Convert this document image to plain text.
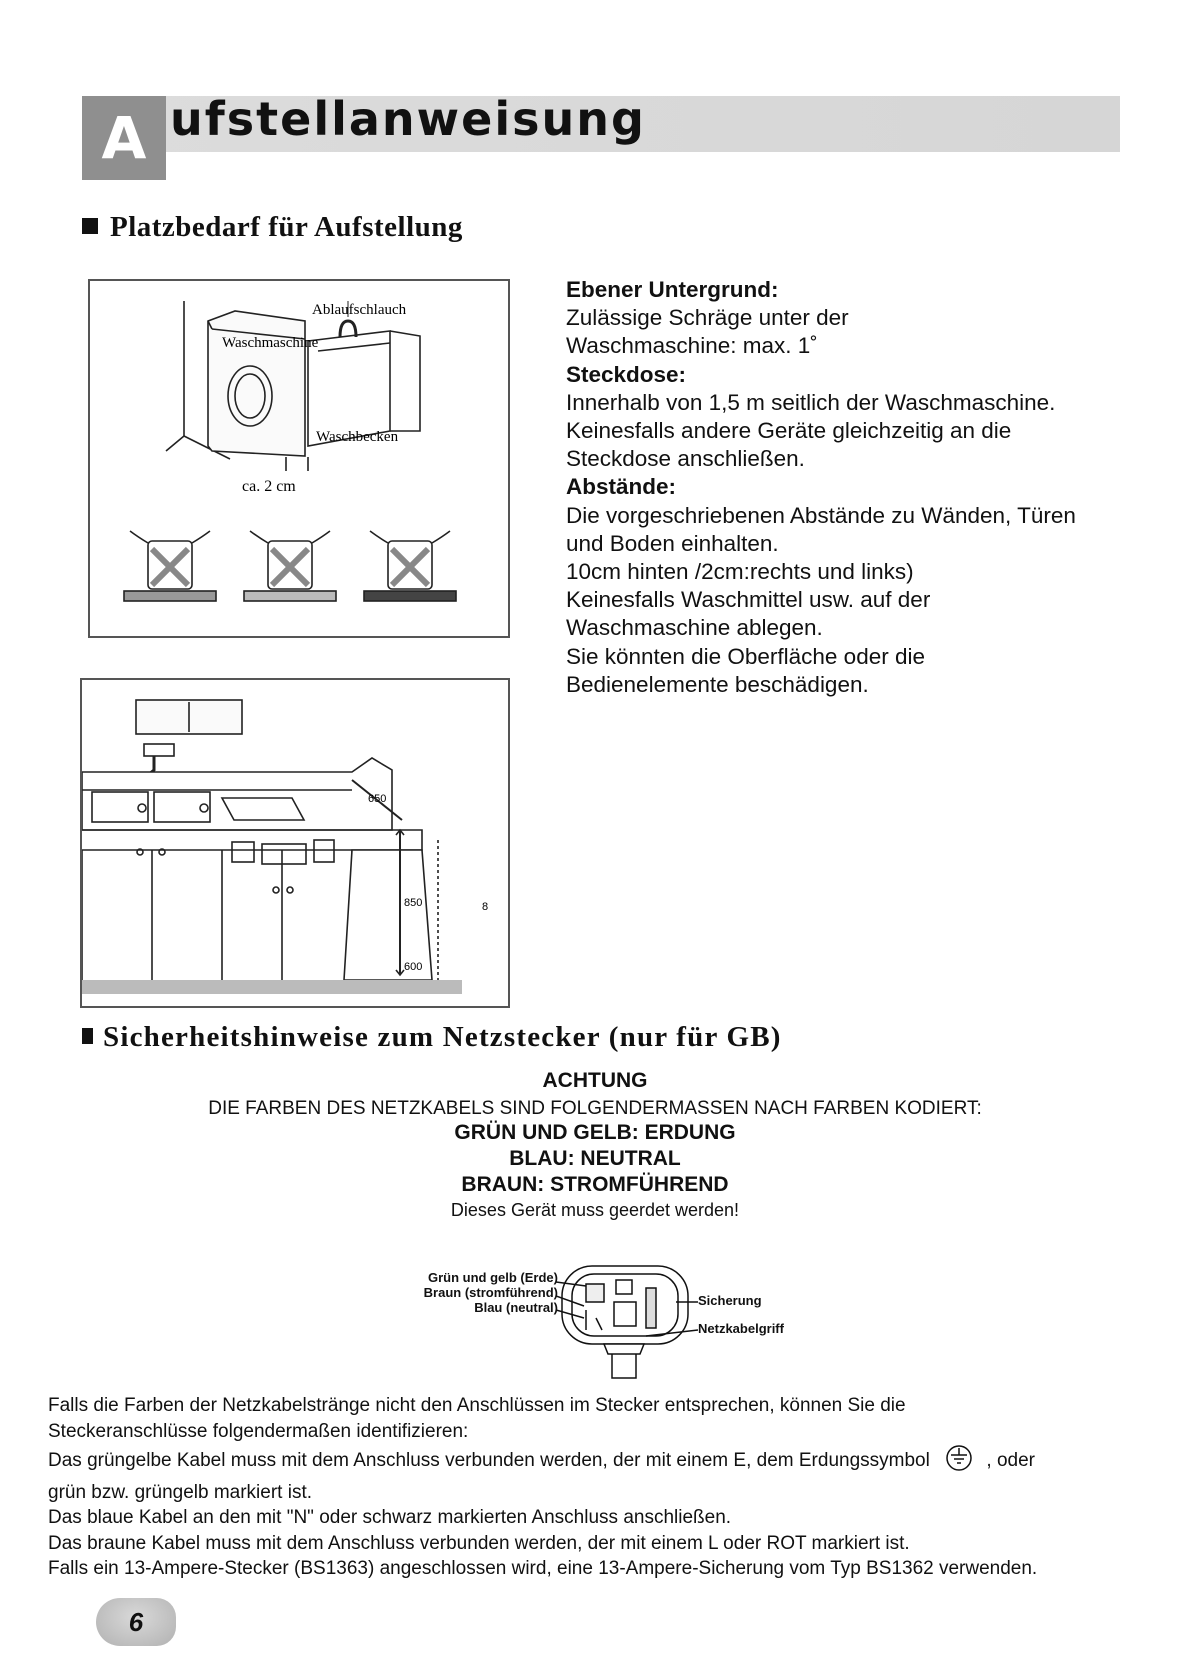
A ufstellanweisung
Platzbedarf für Aufstellung
Ablaufschlauch
Waschmaschine
Waschbecken
ca. 2 cm
650
850
600
8
Ebener Untergrund:
Zulässige Schräge unter der
Waschmaschine: max. 1˚
Steckdose:
Innerhalb von 1,5 m seitlich der Waschmaschine.
Keinesfalls andere Geräte gleichzeitig an die
Steckdose anschließen.
Abstände:
Die vorgeschriebenen Abstände zu Wänden, Türen
und Boden einhalten.
10cm hinten /2cm:rechts und links)
Keinesfalls Waschmittel usw. auf der
Waschmaschine ablegen.
Sie könnten die Oberfläche oder die
Bedienelemente beschädigen.
Sicherheitshinweise zum Netzstecker (nur für GB)
ACHTUNG
DIE FARBEN DES NETZKABELS SIND FOLGENDERMASSEN NACH FARBEN KODIERT:
GRÜN UND GELB: ERDUNG
BLAU: NEUTRAL
BRAUN: STROMFÜHREND
Dieses Gerät muss geerdet werden!
Grün und gelb (Erde)
Braun (stromführend)
Blau (neutral)	Sicherung
Netzkabelgriff
Falls die Farben der Netzkabelstränge nicht den Anschlüssen im Stecker entsprechen, können Sie die
Steckeranschlüsse folgendermaßen identifizieren:
Das grüngelbe Kabel muss mit dem Anschluss verbunden werden, der mit einem E, dem Erdungssymbol	, oder
grün bzw. grüngelb markiert ist.
Das blaue Kabel an den mit "N" oder schwarz markierten Anschluss anschließen.
Das braune Kabel muss mit dem Anschluss verbunden werden, der mit einem L oder ROT markiert ist.
Falls ein 13-Ampere-Stecker (BS1363) angeschlossen wird, eine 13-Ampere-Sicherung vom Typ BS1362 verwenden.
6
